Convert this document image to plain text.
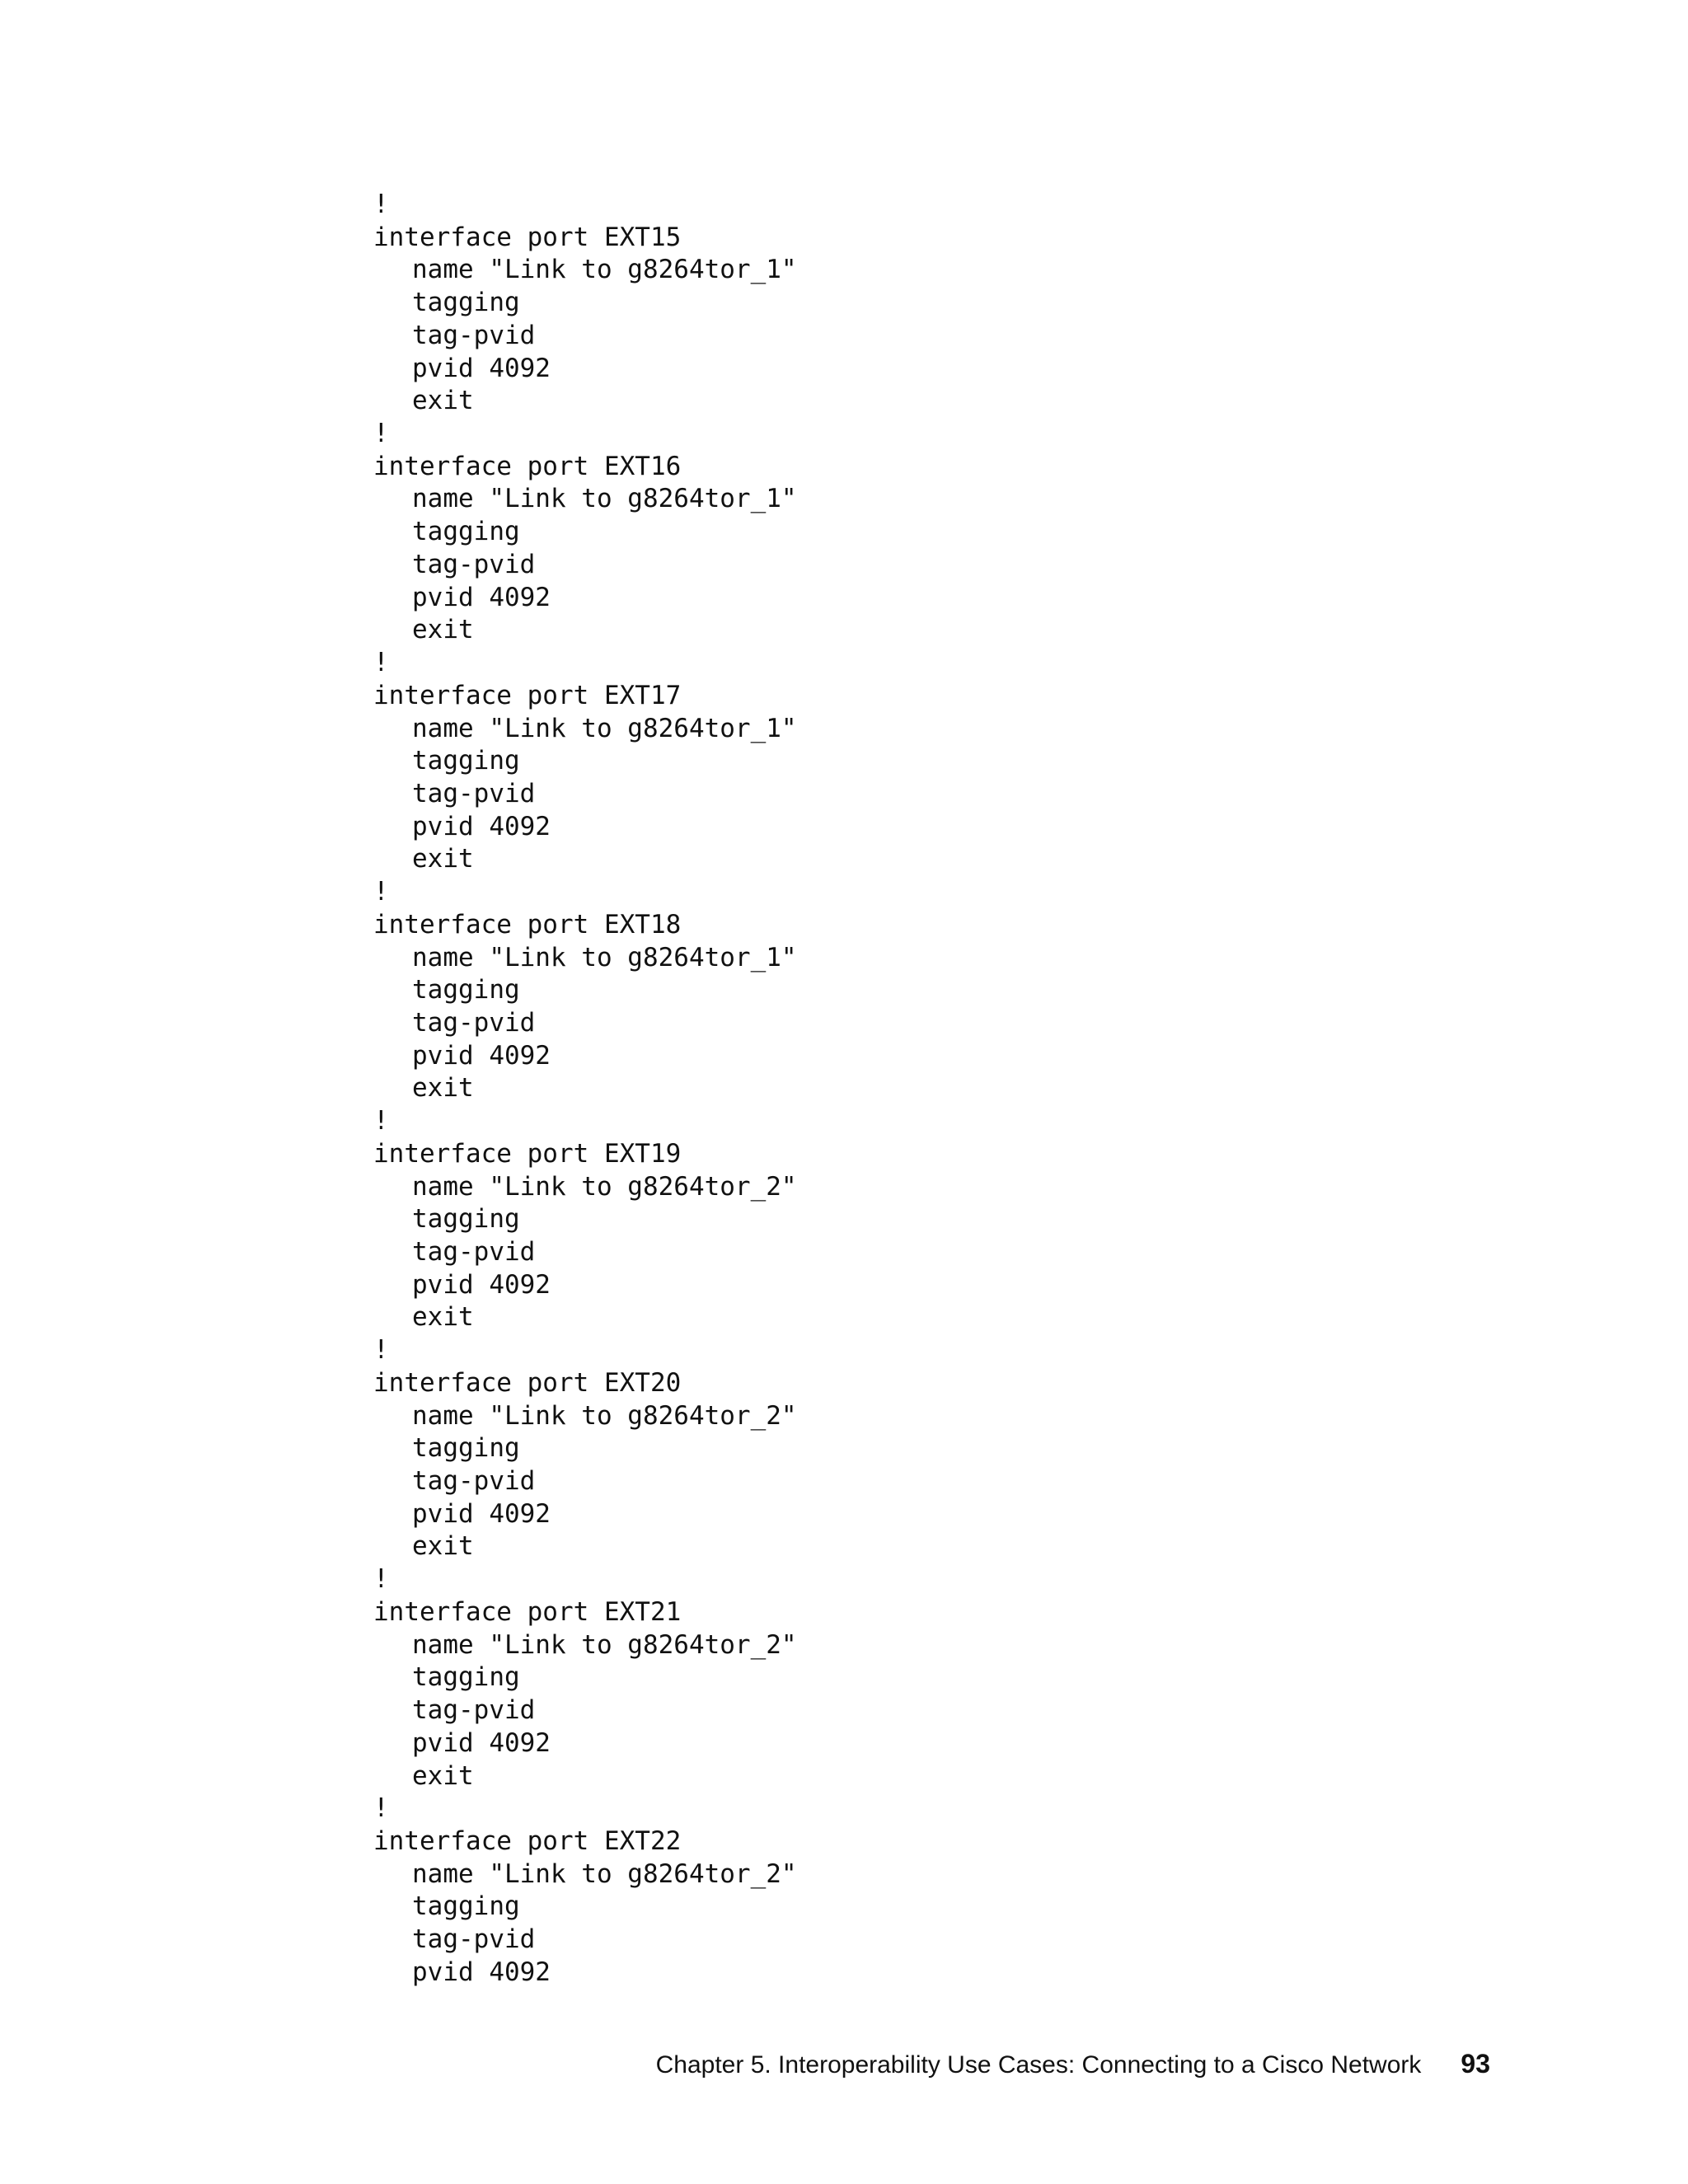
!
interface port EXT15
name "Link to g8264tor_1"
tagging
tag-pvid
pvid 4092
exit
!
interface port EXT16
name "Link to g8264tor_1"
tagging
tag-pvid
pvid 4092
exit
!
interface port EXT17
name "Link to g8264tor_1"
tagging
tag-pvid
pvid 4092
exit
!
interface port EXT18
name "Link to g8264tor_1"
tagging
tag-pvid
pvid 4092
exit
!
interface port EXT19
name "Link to g8264tor_2"
tagging
tag-pvid
pvid 4092
exit
!
interface port EXT20
name "Link to g8264tor_2"
tagging
tag-pvid
pvid 4092
exit
!
interface port EXT21
name "Link to g8264tor_2"
tagging
tag-pvid
pvid 4092
exit
!
interface port EXT22
name "Link to g8264tor_2"
tagging
tag-pvid
pvid 4092
Chapter 5. Interoperability Use Cases: Connecting to a Cisco Network 93
